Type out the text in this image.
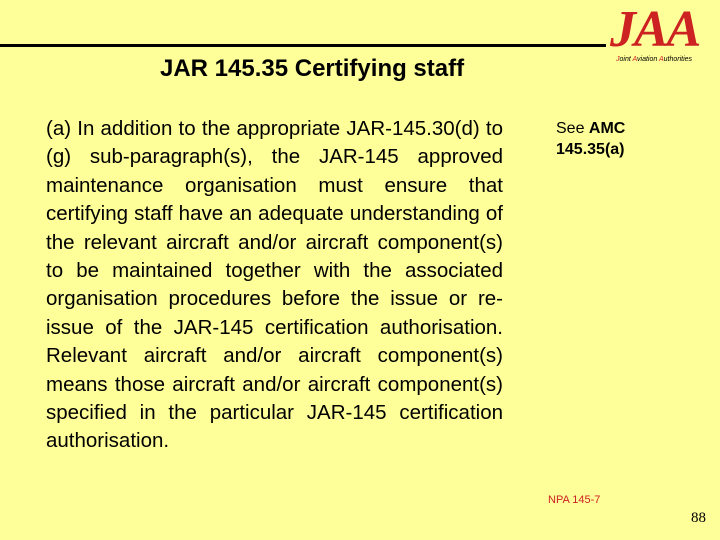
JAA
Joint Aviation Authorities
JAR 145.35 Certifying staff
(a) In addition to the appropriate JAR-145.30(d) to (g) sub-paragraph(s), the JAR-145 approved maintenance organisation must ensure that certifying staff have an adequate understanding of the relevant aircraft and/or aircraft component(s) to be maintained together with the associated organisation procedures before the issue or re-issue of the JAR-145 certification authorisation. Relevant aircraft and/or aircraft component(s) means those aircraft and/or aircraft component(s) specified in the particular JAR-145 certification authorisation.
See AMC
145.35(a)
NPA 145-7
88
